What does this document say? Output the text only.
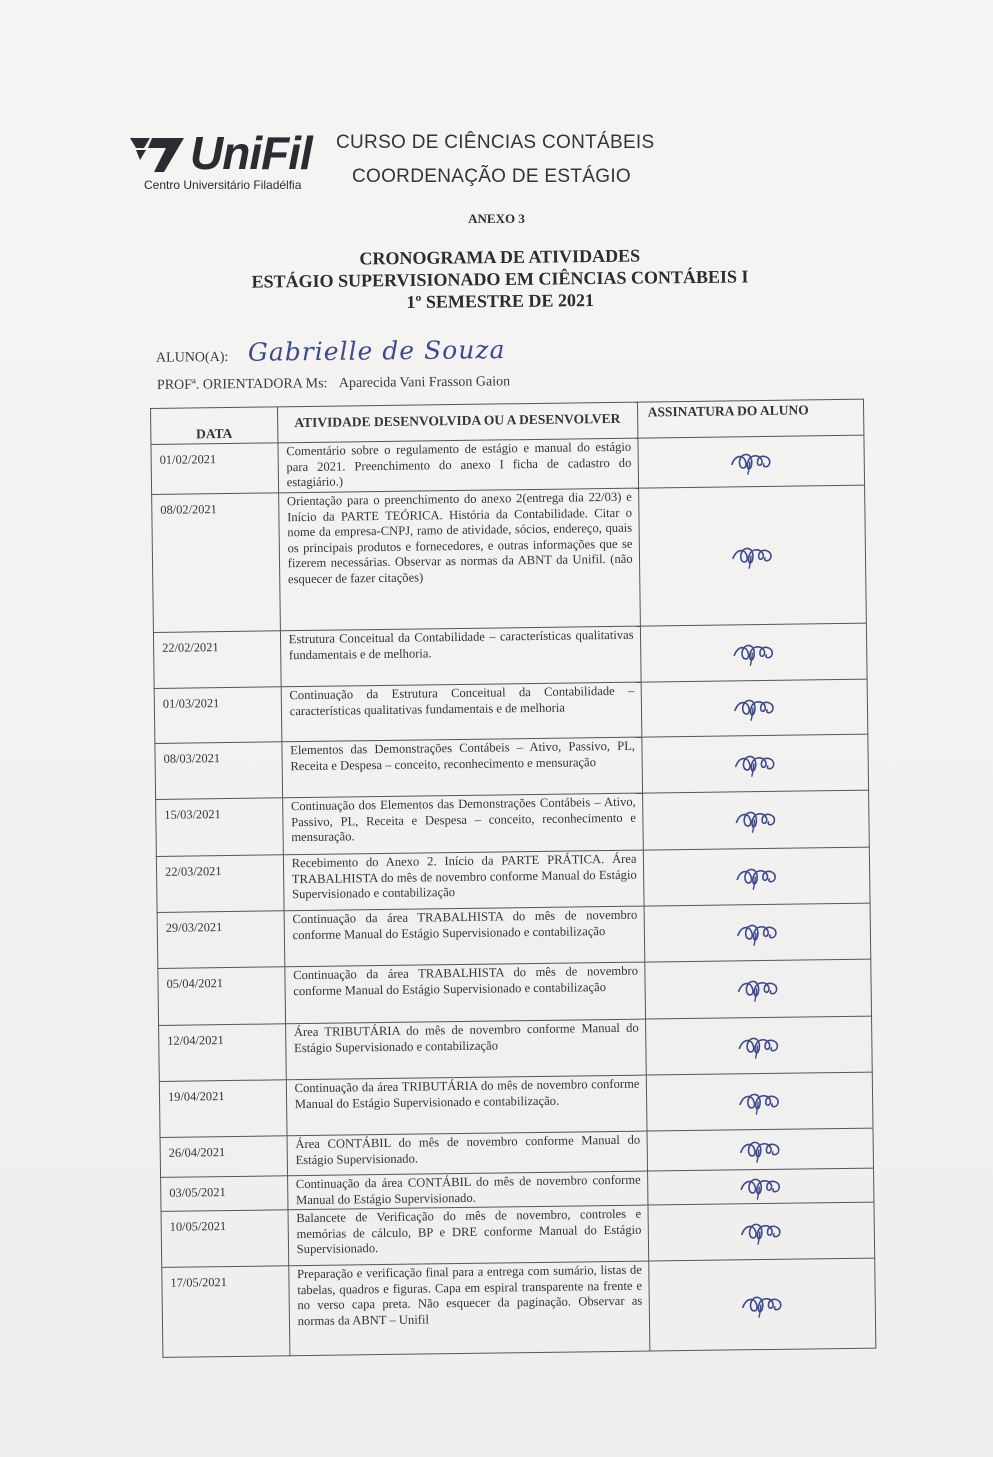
UniFil
Centro Universitário Filadélfia
CURSO DE CIÊNCIAS CONTÁBEIS
COORDENAÇÃO DE ESTÁGIO
ANEXO 3
CRONOGRAMA DE ATIVIDADES
ESTÁGIO SUPERVISIONADO EM CIÊNCIAS CONTÁBEIS I
1º SEMESTRE DE 2021
ALUNO(A): Gabrielle de Souza
PROFª. ORIENTADORA Ms: Aparecida Vani Frasson Gaion
DATA	ATIVIDADE DESENVOLVIDA OU A DESENVOLVER	ASSINATURA DO ALUNO
01/02/2021	Comentário sobre o regulamento de estágio e manual do estágio para 2021. Preenchimento do anexo I ficha de cadastro do estagiário.)	

08/02/2021	Orientação para o preenchimento do anexo 2(entrega dia 22/03) e Início da PARTE TEÓRICA. História da Contabilidade. Citar o nome da empresa-CNPJ, ramo de atividade, sócios, endereço, quais os principais produtos e fornecedores, e outras informações que se fizerem necessárias. Observar as normas da ABNT da Unifil. (não esquecer de fazer citações)	

22/02/2021	Estrutura Conceitual da Contabilidade – características qualitativas fundamentais e de melhoria.	

01/03/2021	Continuação da Estrutura Conceitual da Contabilidade – características qualitativas fundamentais e de melhoria	

08/03/2021	Elementos das Demonstrações Contábeis – Ativo, Passivo, PL, Receita e Despesa – conceito, reconhecimento e mensuração	

15/03/2021	Continuação dos Elementos das Demonstrações Contábeis – Ativo, Passivo, PL, Receita e Despesa – conceito, reconhecimento e mensuração.	

22/03/2021	Recebimento do Anexo 2. Início da PARTE PRÁTICA. Área TRABALHISTA do mês de novembro conforme Manual do Estágio Supervisionado e contabilização	

29/03/2021	Continuação da área TRABALHISTA do mês de novembro conforme Manual do Estágio Supervisionado e contabilização	

05/04/2021	Continuação da área TRABALHISTA do mês de novembro conforme Manual do Estágio Supervisionado e contabilização	

12/04/2021	Área TRIBUTÁRIA do mês de novembro conforme Manual do Estágio Supervisionado e contabilização	

19/04/2021	Continuação da área TRIBUTÁRIA do mês de novembro conforme Manual do Estágio Supervisionado e contabilização.	

26/04/2021	Área CONTÁBIL do mês de novembro conforme Manual do Estágio Supervisionado.	

03/05/2021	Continuação da área CONTÁBIL do mês de novembro conforme Manual do Estágio Supervisionado.	

10/05/2021	Balancete de Verificação do mês de novembro, controles e memórias de cálculo, BP e DRE conforme Manual do Estágio Supervisionado.	

17/05/2021	Preparação e verificação final para a entrega com sumário, listas de tabelas, quadros e figuras. Capa em espiral transparente na frente e no verso capa preta. Não esquecer da paginação. Observar as normas da ABNT – Unifil	
